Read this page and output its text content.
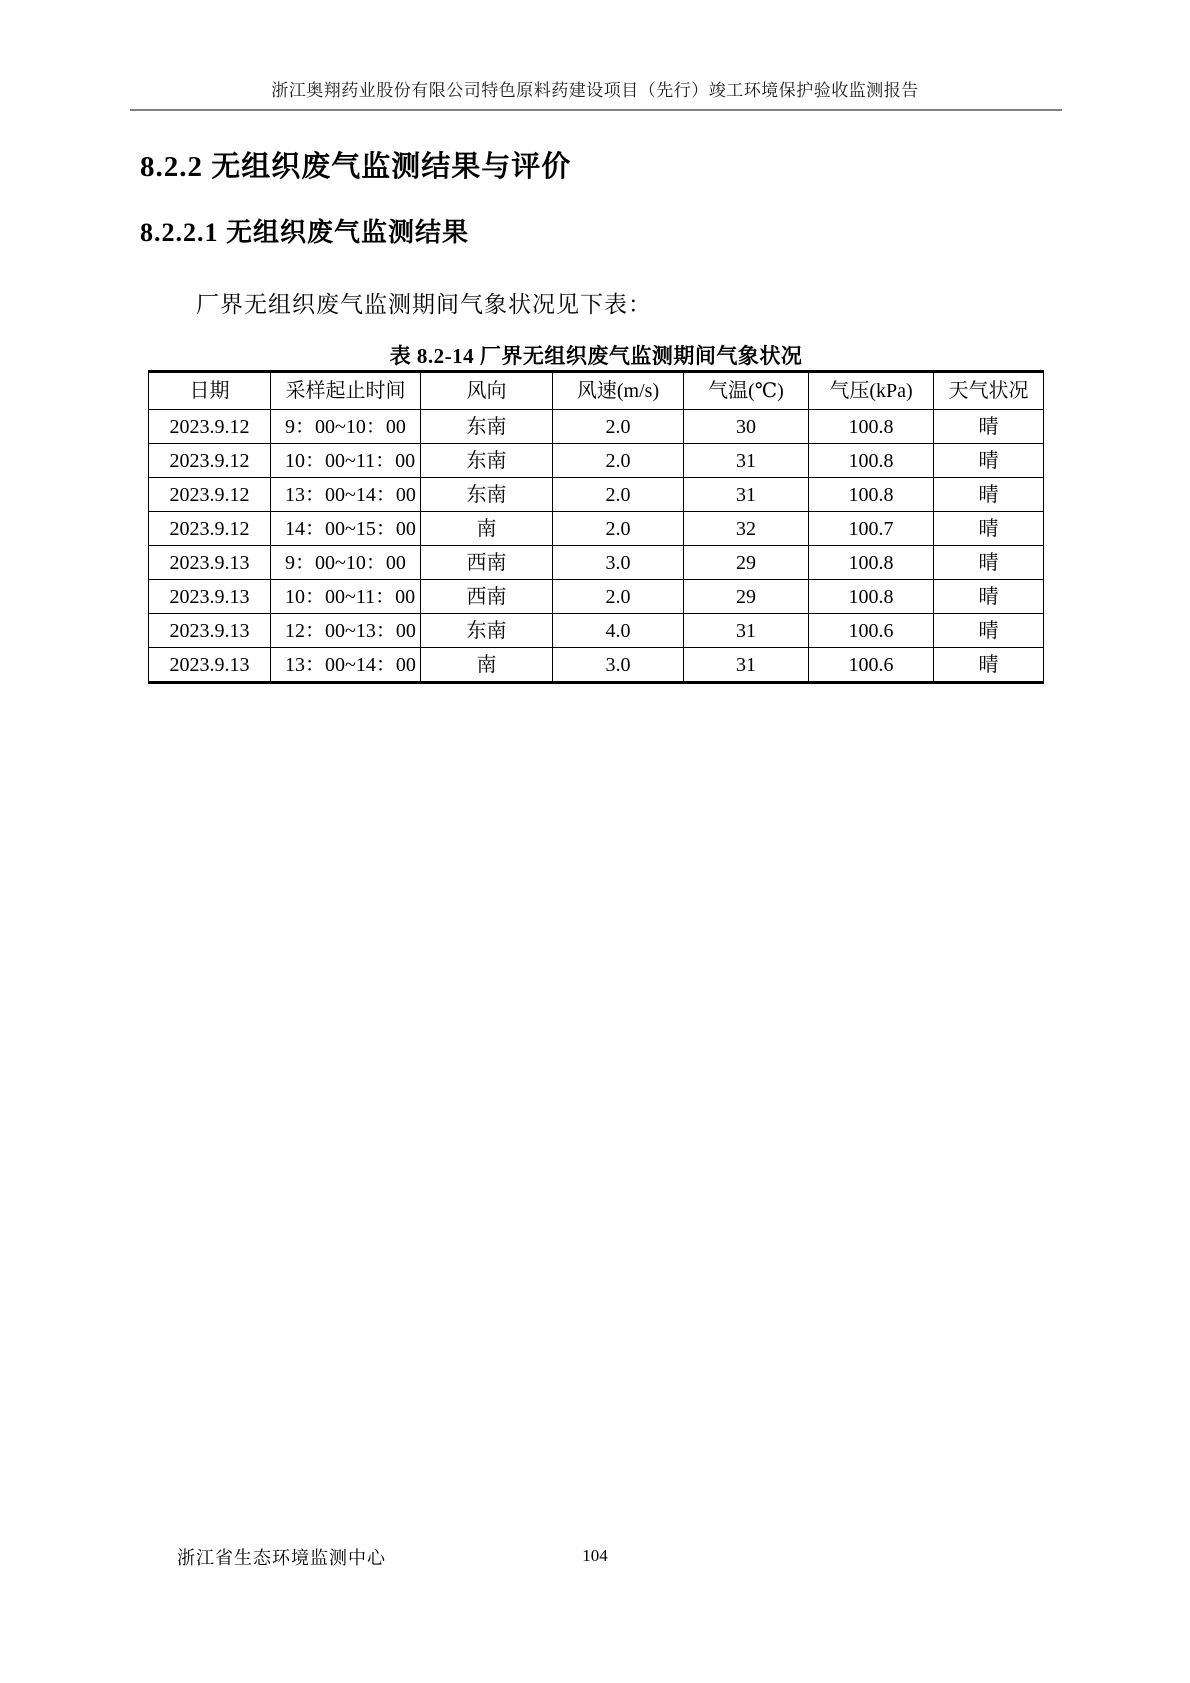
浙江奥翔药业股份有限公司特色原料药建设项目（先行）竣工环境保护验收监测报告
8.2.2 无组织废气监测结果与评价
8.2.2.1 无组织废气监测结果
厂界无组织废气监测期间气象状况见下表：
表 8.2-14 厂界无组织废气监测期间气象状况
日期	采样起止时间	风向	风速(m/s)	气温(℃)	气压(kPa)	天气状况
2023.9.12	9：00~10：00	东南	2.0	30	100.8	晴
2023.9.12	10：00~11：00	东南	2.0	31	100.8	晴
2023.9.12	13：00~14：00	东南	2.0	31	100.8	晴
2023.9.12	14：00~15：00	南	2.0	32	100.7	晴
2023.9.13	9：00~10：00	西南	3.0	29	100.8	晴
2023.9.13	10：00~11：00	西南	2.0	29	100.8	晴
2023.9.13	12：00~13：00	东南	4.0	31	100.6	晴
2023.9.13	13：00~14：00	南	3.0	31	100.6	晴
浙江省生态环境监测中心	104
